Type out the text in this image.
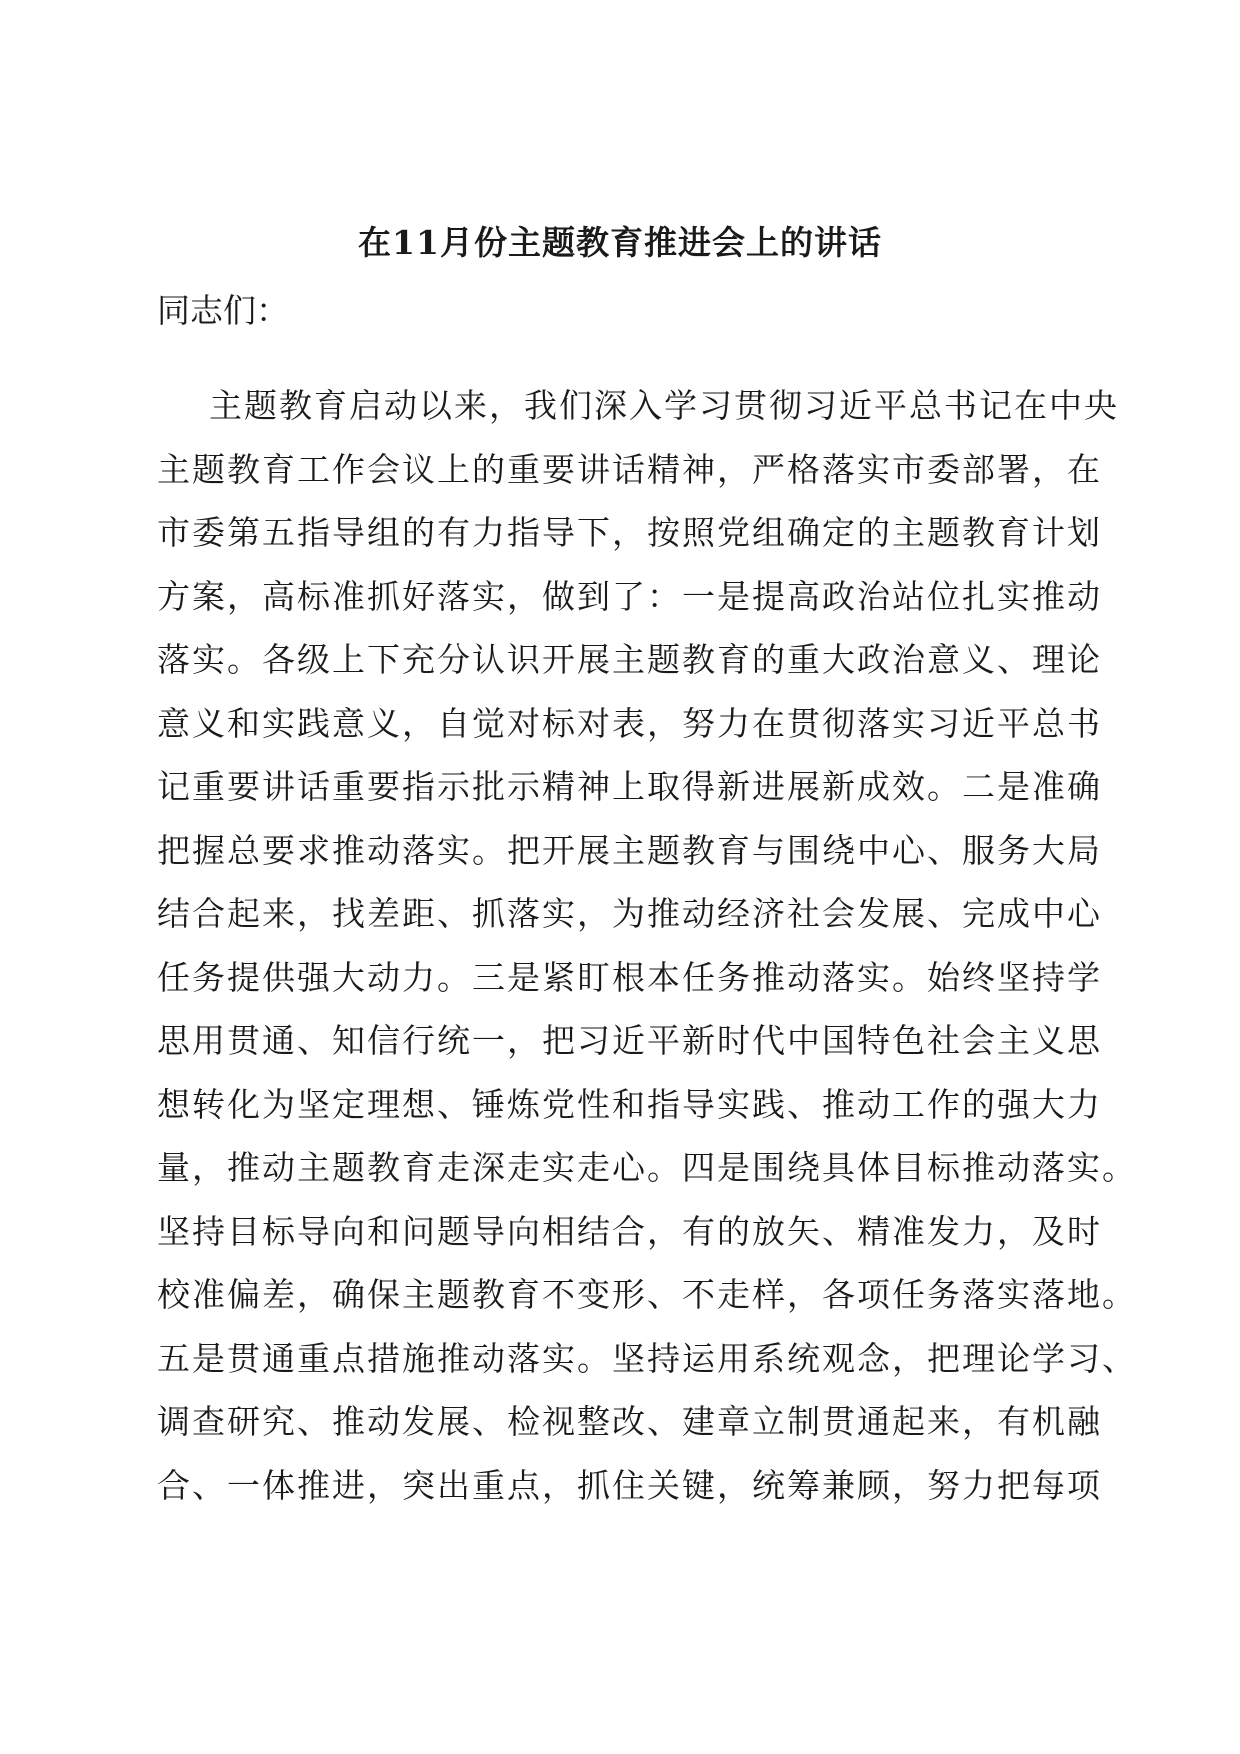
在11月份主题教育推进会上的讲话
同志们：
主题教育启动以来，我们深入学习贯彻习近平总书记在中央
主题教育工作会议上的重要讲话精神，严格落实市委部署，在
市委第五指导组的有力指导下，按照党组确定的主题教育计划
方案，高标准抓好落实，做到了：一是提高政治站位扎实推动
落实。各级上下充分认识开展主题教育的重大政治意义、理论
意义和实践意义，自觉对标对表，努力在贯彻落实习近平总书
记重要讲话重要指示批示精神上取得新进展新成效。二是准确
把握总要求推动落实。把开展主题教育与围绕中心、服务大局
结合起来，找差距、抓落实，为推动经济社会发展、完成中心
任务提供强大动力。三是紧盯根本任务推动落实。始终坚持学
思用贯通、知信行统一，把习近平新时代中国特色社会主义思
想转化为坚定理想、锤炼党性和指导实践、推动工作的强大力
量，推动主题教育走深走实走心。四是围绕具体目标推动落实。
坚持目标导向和问题导向相结合，有的放矢、精准发力，及时
校准偏差，确保主题教育不变形、不走样，各项任务落实落地。
五是贯通重点措施推动落实。坚持运用系统观念，把理论学习、
调查研究、推动发展、检视整改、建章立制贯通起来，有机融
合、一体推进，突出重点，抓住关键，统筹兼顾，努力把每项
